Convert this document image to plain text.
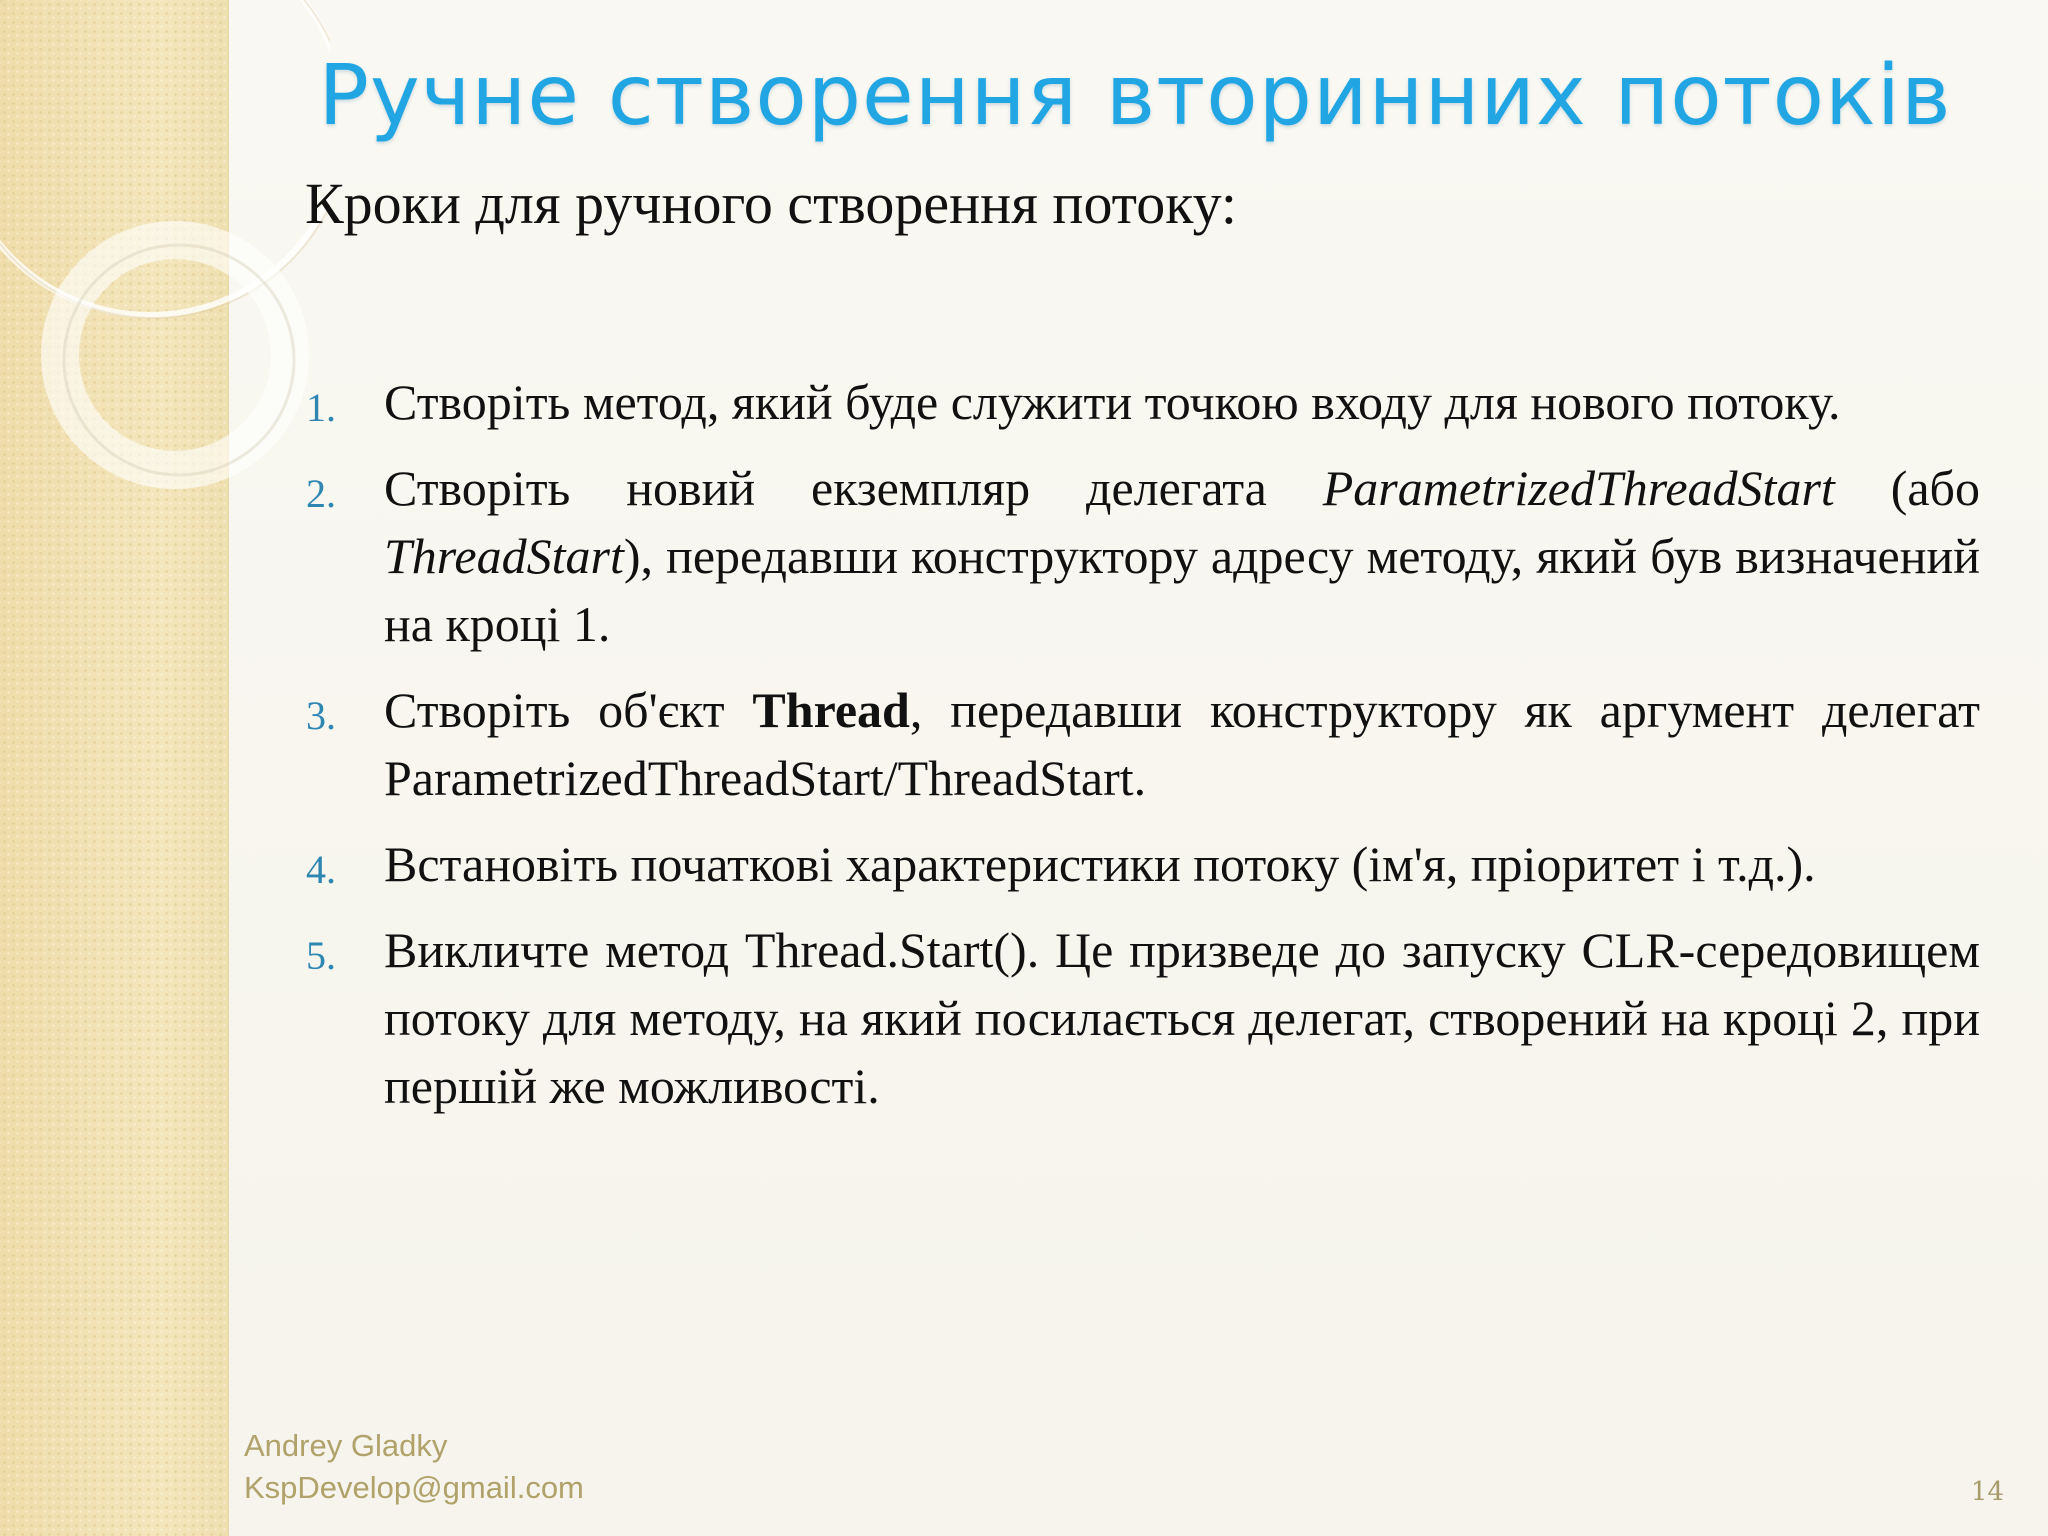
Ручне створення вторинних потоків
Кроки для ручного створення потоку:
1. Створіть метод, який буде служити точкою входу для нового потоку.
2. Створіть новий екземпляр делегата ParametrizedThreadStart (або ThreadStart), передавши конструктору адресу методу, який був визначений на кроці 1.
3. Створіть об'єкт Thread, передавши конструктору як аргумент делегат ParametrizedThreadStart/ThreadStart.
4. Встановіть початкові характеристики потоку (ім'я, пріоритет і т.д.).
5. Викличте метод Thread.Start(). Це призведе до запуску CLR-середовищем потоку для методу, на який посилається делегат, створений на кроці 2, при першій же можливості.
Andrey Gladky
KspDevelop@gmail.com	14
